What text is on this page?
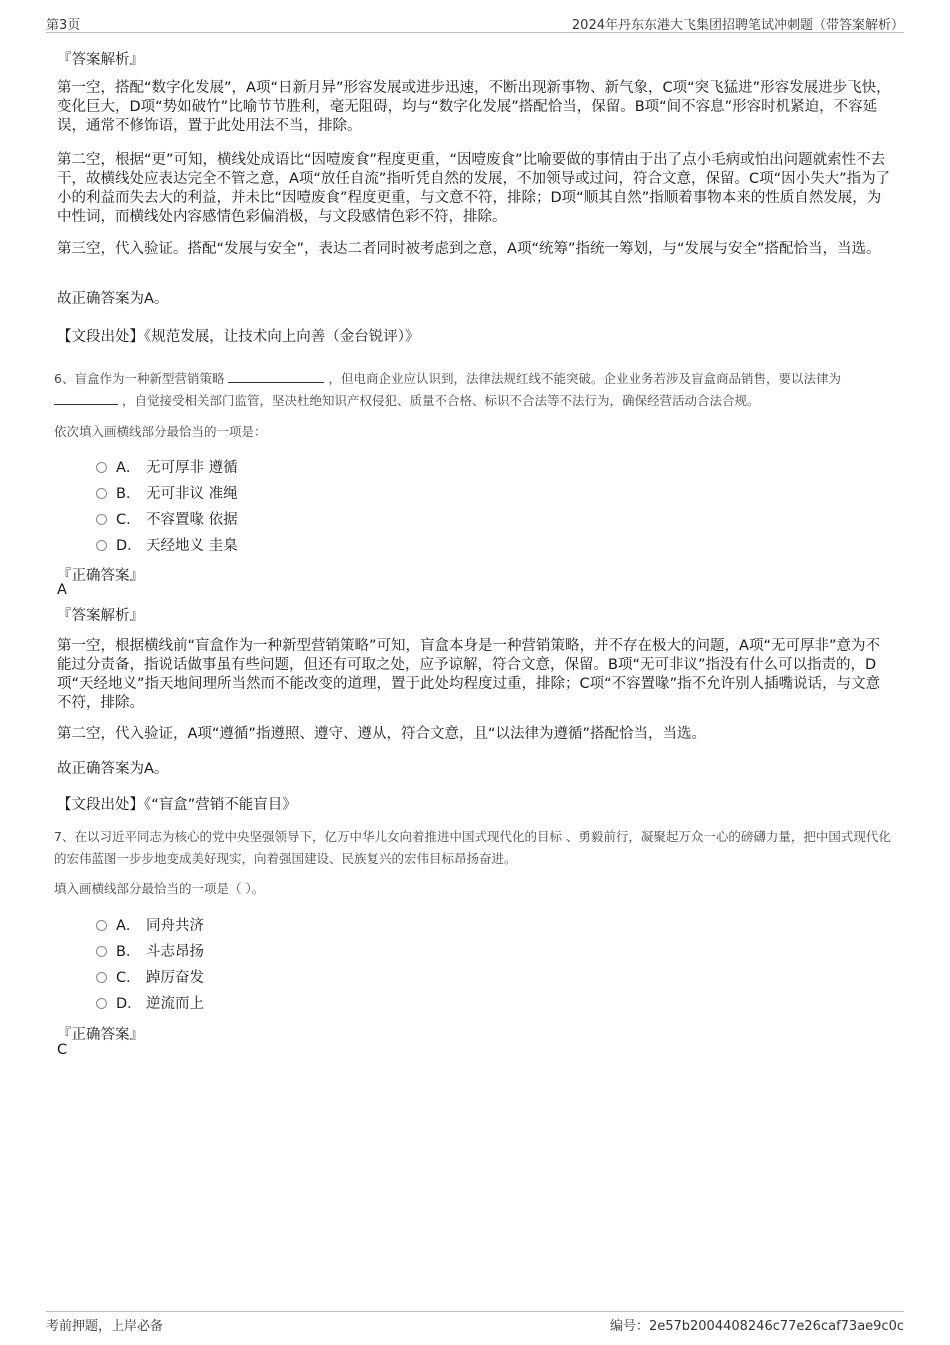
第3页	2024年丹东东港大飞集团招聘笔试冲刺题（带答案解析）
『答案解析』
第一空，搭配“数字化发展”，A项“日新月异”形容发展或进步迅速，不断出现新事物、新气象，C项“突飞猛进”形容发展进步飞快，变化巨大，D项“势如破竹”比喻节节胜利，毫无阻碍，均与“数字化发展”搭配恰当，保留。B项“间不容息”形容时机紧迫，不容延误，通常不修饰语，置于此处用法不当，排除。
第二空，根据“更”可知，横线处成语比“因噎废食”程度更重，“因噎废食”比喻要做的事情由于出了点小毛病或怕出问题就索性不去干，故横线处应表达完全不管之意，A项“放任自流”指听凭自然的发展，不加领导或过问，符合文意，保留。C项“因小失大”指为了小的利益而失去大的利益，并未比“因噎废食”程度更重，与文意不符，排除；D项“顺其自然”指顺着事物本来的性质自然发展，为中性词，而横线处内容感情色彩偏消极，与文段感情色彩不符，排除。
第三空，代入验证。搭配“发展与安全”，表达二者同时被考虑到之意，A项“统筹”指统一筹划，与“发展与安全”搭配恰当，当选。
故正确答案为A。
【文段出处】《规范发展，让技术向上向善（金台锐评）》
6、盲盒作为一种新型营销策略	，但电商企业应认识到，法律法规红线不能突破。企业业务若涉及盲盒商品销售，要以法律为  ，自觉接受相关部门监管，坚决杜绝知识产权侵犯、质量不合格、标识不合法等不法行为，确保经营活动合法合规。
依次填入画横线部分最恰当的一项是：
A． 无可厚非 遵循
B． 无可非议 准绳
C． 不容置喙 依据
D． 天经地义 圭臬
『正确答案』
A
『答案解析』
第一空，根据横线前“盲盒作为一种新型营销策略”可知，盲盒本身是一种营销策略，并不存在极大的问题，A项“无可厚非”意为不能过分责备，指说话做事虽有些问题，但还有可取之处，应予谅解，符合文意，保留。B项“无可非议”指没有什么可以指责的，D项“天经地义”指天地间理所当然而不能改变的道理，置于此处均程度过重，排除；C项“不容置喙”指不允许别人插嘴说话，与文意不符，排除。
第二空，代入验证，A项“遵循”指遵照、遵守、遵从，符合文意，且“以法律为遵循”搭配恰当，当选。
故正确答案为A。
【文段出处】《“盲盒”营销不能盲目》
7、在以习近平同志为核心的党中央坚强领导下，亿万中华儿女向着推进中国式现代化的目标 、勇毅前行，凝聚起万众一心的磅礴力量，把中国式现代化的宏伟蓝图一步步地变成美好现实，向着强国建设、民族复兴的宏伟目标昂扬奋进。
填入画横线部分最恰当的一项是（ ）。
A． 同舟共济
B． 斗志昂扬
C． 踔厉奋发
D． 逆流而上
『正确答案』
C
考前押题，上岸必备	编号：2e57b2004408246c77e26caf73ae9c0c
